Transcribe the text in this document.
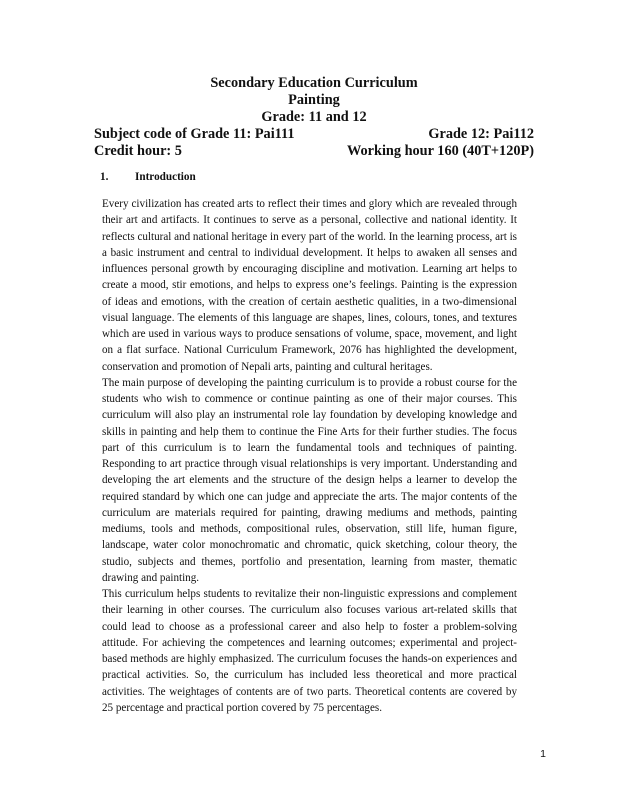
Secondary Education Curriculum
Painting
Grade: 11 and 12
Subject code of Grade 11: Pai111	Grade 12: Pai112
Credit hour: 5	Working hour 160 (40T+120P)
1. Introduction

Every civilization has created arts to reflect their times and glory which are revealed through their art and artifacts. It continues to serve as a personal, collective and national identity. It reflects cultural and national heritage in every part of the world. In the learning process, art is a basic instrument and central to individual development. It helps to awaken all senses and influences personal growth by encouraging discipline and motivation. Learning art helps to create a mood, stir emotions, and helps to express one’s feelings. Painting is the expression of ideas and emotions, with the creation of certain aesthetic qualities, in a two-dimensional visual language. The elements of this language are shapes, lines, colours, tones, and textures which are used in various ways to produce sensations of volume, space, movement, and light on a flat surface. National Curriculum Framework, 2076 has highlighted the development, conservation and promotion of Nepali arts, painting and cultural heritages.

The main purpose of developing the painting curriculum is to provide a robust course for the students who wish to commence or continue painting as one of their major courses. This curriculum will also play an instrumental role lay foundation by developing knowledge and skills in painting and help them to continue the Fine Arts for their further studies. The focus part of this curriculum is to learn the fundamental tools and techniques of painting. Responding to art practice through visual relationships is very important. Understanding and developing the art elements and the structure of the design helps a learner to develop the required standard by which one can judge and appreciate the arts. The major contents of the curriculum are materials required for painting, drawing mediums and methods, painting mediums, tools and methods, compositional rules, observation, still life, human figure, landscape, water color monochromatic and chromatic, quick sketching, colour theory, the studio, subjects and themes, portfolio and presentation, learning from master, thematic drawing and painting.

This curriculum helps students to revitalize their non-linguistic expressions and complement their learning in other courses. The curriculum also focuses various art-related skills that could lead to choose as a professional career and also help to foster a problem-solving attitude. For achieving the competences and learning outcomes; experimental and project-based methods are highly emphasized. The curriculum focuses the hands-on experiences and practical activities. So, the curriculum has included less theoretical and more practical activities. The weightages of contents are of two parts. Theoretical contents are covered by 25 percentage and practical portion covered by 75 percentages.

1
